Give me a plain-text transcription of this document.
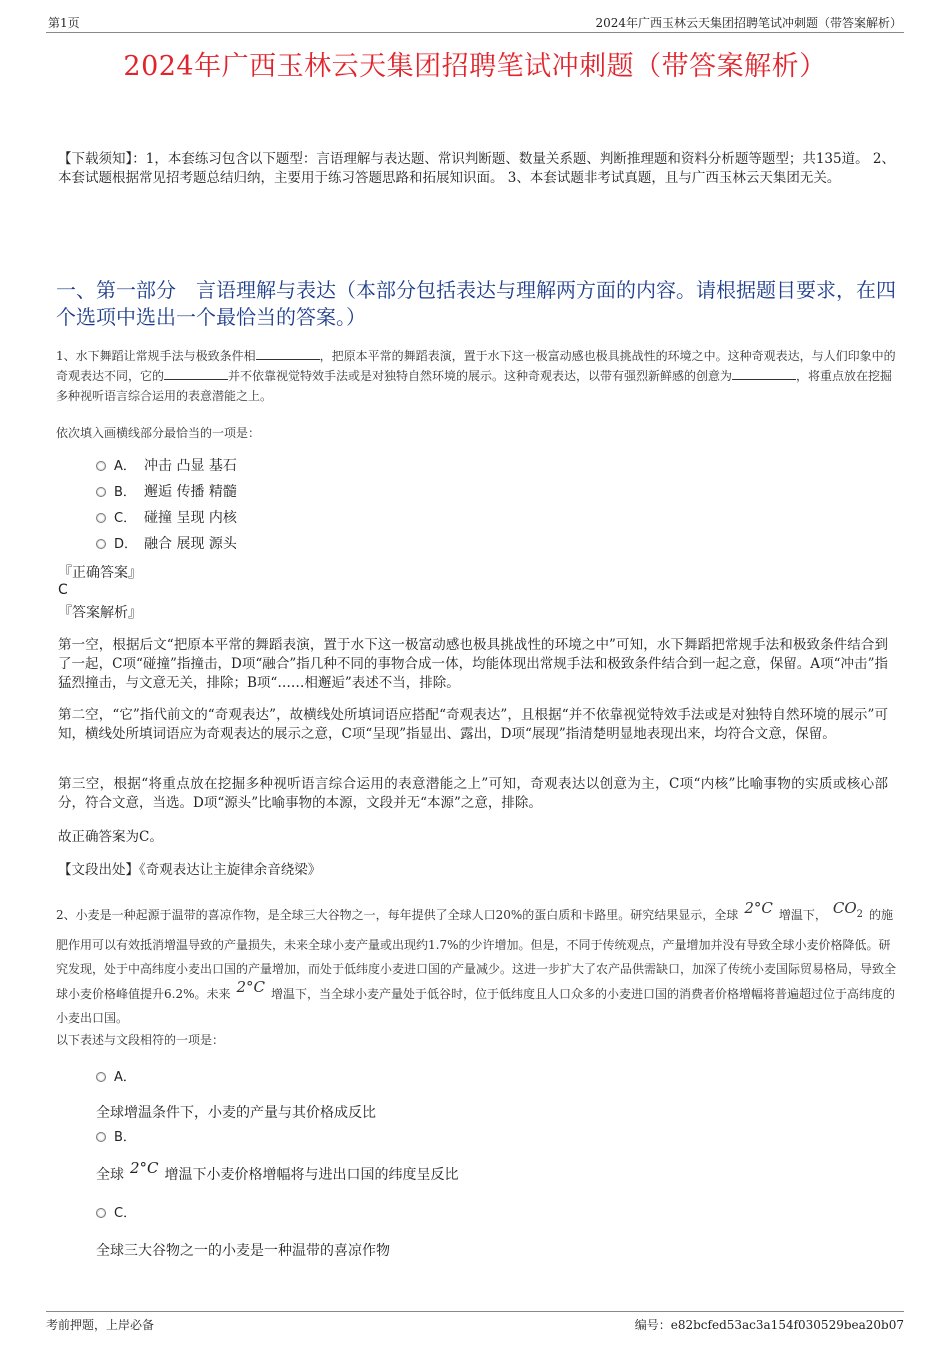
第1页	2024年广西玉林云天集团招聘笔试冲刺题（带答案解析）
2024年广西玉林云天集团招聘笔试冲刺题（带答案解析）
【下载须知】：1，本套练习包含以下题型：言语理解与表达题、常识判断题、数量关系题、判断推理题和资料分析题等题型；共135道。 2、本套试题根据常见招考题总结归纳，主要用于练习答题思路和拓展知识面。 3、本套试题非考试真题，且与广西玉林云天集团无关。
一、第一部分　言语理解与表达（本部分包括表达与理解两方面的内容。请根据题目要求，在四个选项中选出一个最恰当的答案。）
1、水下舞蹈让常规手法与极致条件相	，把原本平常的舞蹈表演，置于水下这一极富动感也极具挑战性的环境之中。这种奇观表达，与人们印象中的奇观表达不同，它的	并不依靠视觉特效手法或是对独特自然环境的展示。这种奇观表达，以带有强烈新鲜感的创意为	，将重点放在挖掘多种视听语言综合运用的表意潜能之上。
依次填入画横线部分最恰当的一项是：
A． 冲击 凸显 基石
B． 邂逅 传播 精髓
C． 碰撞 呈现 内核
D． 融合 展现 源头
『正确答案』
C
『答案解析』
第一空，根据后文“把原本平常的舞蹈表演，置于水下这一极富动感也极具挑战性的环境之中”可知，水下舞蹈把常规手法和极致条件结合到了一起，C项“碰撞”指撞击，D项“融合”指几种不同的事物合成一体，均能体现出常规手法和极致条件结合到一起之意，保留。A项“冲击”指猛烈撞击，与文意无关，排除；B项“……相邂逅”表述不当，排除。
第二空，“它”指代前文的“奇观表达”，故横线处所填词语应搭配“奇观表达”，且根据“并不依靠视觉特效手法或是对独特自然环境的展示”可知，横线处所填词语应为奇观表达的展示之意，C项“呈现”指显出、露出，D项“展现”指清楚明显地表现出来，均符合文意，保留。
第三空，根据“将重点放在挖掘多种视听语言综合运用的表意潜能之上”可知，奇观表达以创意为主，C项“内核”比喻事物的实质或核心部分，符合文意，当选。D项“源头”比喻事物的本源，文段并无“本源”之意，排除。
故正确答案为C。
【文段出处】《奇观表达让主旋律余音绕梁》
2、小麦是一种起源于温带的喜凉作物，是全球三大谷物之一，每年提供了全球人口20%的蛋白质和卡路里。研究结果显示，全球 2°C 增温下， $CO_2$ 的施肥作用可以有效抵消增温导致的产量损失，未来全球小麦产量或出现约1.7%的少许增加。但是，不同于传统观点，产量增加并没有导致全球小麦价格降低。研究发现，处于中高纬度小麦出口国的产量增加，而处于低纬度小麦进口国的产量减少。这进一步扩大了农产品供需缺口，加深了传统小麦国际贸易格局，导致全球小麦价格峰值提升6.2%。未来 2°C 增温下，当全球小麦产量处于低谷时，位于低纬度且人口众多的小麦进口国的消费者价格增幅将普遍超过位于高纬度的小麦出口国。
以下表述与文段相符的一项是：
A．
全球增温条件下，小麦的产量与其价格成反比
B．
全球 2°C 增温下小麦价格增幅将与进出口国的纬度呈反比
C．
全球三大谷物之一的小麦是一种温带的喜凉作物
考前押题，上岸必备	编号：e82bcfed53ac3a154f030529bea20b07
